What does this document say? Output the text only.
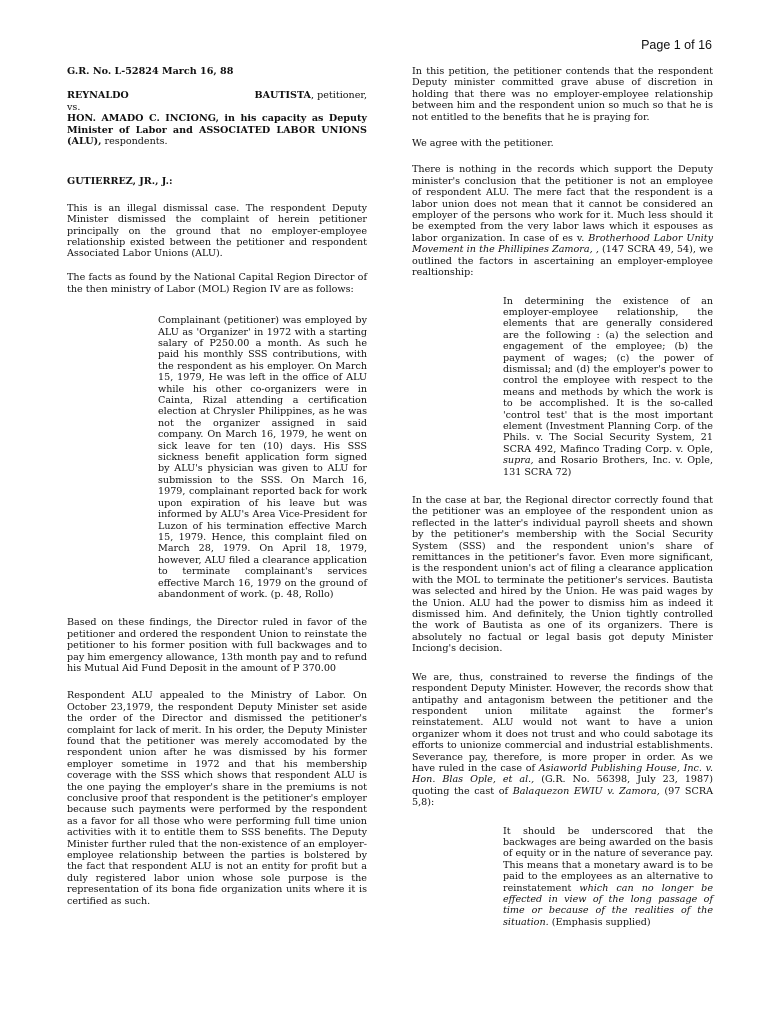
Page 1 of 16

G.R. No. L-52824 March 16, 88

REYNALDO	BAUTISTA, petitioner,
vs.
HON. AMADO C. INCIONG, in his capacity as Deputy Minister of Labor and ASSOCIATED LABOR UNIONS (ALU), respondents.

GUTIERREZ, JR., J.:

This is an illegal dismissal case. The respondent Deputy Minister dismissed the complaint of herein petitioner principally on the ground that no employer-employee relationship existed between the petitioner and respondent Associated Labor Unions (ALU).

The facts as found by the National Capital Region Director of the then ministry of Labor (MOL) Region IV are as follows:

Complainant (petitioner) was employed by ALU as 'Organizer' in 1972 with a starting salary of P250.00 a month. As such he paid his monthly SSS contributions, with the respondent as his employer. On March 15, 1979, He was left in the office of ALU while his other co-organizers were in Cainta, Rizal attending a certification election at Chrysler Philippines, as he was not the organizer assigned in said company. On March 16, 1979, he went on sick leave for ten (10) days. His SSS sickness benefit application form signed by ALU's physician was given to ALU for submission to the SSS. On March 16, 1979, complainant reported back for work upon expiration of his leave but was informed by ALU's Area Vice-President for Luzon of his termination effective March 15, 1979. Hence, this complaint filed on March 28, 1979. On April 18, 1979, however, ALU filed a clearance application to terminate complainant's services effective March 16, 1979 on the ground of abandonment of work. (p. 48, Rollo)

Based on these findings, the Director ruled in favor of the petitioner and ordered the respondent Union to reinstate the petitioner to his former position with full backwages and to pay him emergency allowance, 13th month pay and to refund his Mutual Aid Fund Deposit in the amount of P 370.00

Respondent ALU appealed to the Ministry of Labor. On October 23,1979, the respondent Deputy Minister set aside the order of the Director and dismissed the petitioner's complaint for lack of merit. In his order, the Deputy Minister found that the petitioner was merely accomodated by the respondent union after he was dismissed by his former employer sometime in 1972 and that his membership coverage with the SSS which shows that respondent ALU is the one paying the employer's share in the premiums is not conclusive proof that respondent is the petitioner's employer because such payments were performed by the respondent as a favor for all those who were performing full time union activities with it to entitle them to SSS benefits. The Deputy Minister further ruled that the non-existence of an employer-employee relationship between the parties is bolstered by the fact that respondent ALU is not an entity for profit but a duly registered labor union whose sole purpose is the representation of its bona fide organization units where it is certified as such.

In this petition, the petitioner contends that the respondent Deputy minister committed grave abuse of discretion in holding that there was no employer-employee relationship between him and the respondent union so much so that he is not entitled to the benefits that he is praying for.

We agree with the petitioner.

There is nothing in the records which support the Deputy minister's conclusion that the petitioner is not an employee of respondent ALU. The mere fact that the respondent is a labor union does not mean that it cannot be considered an employer of the persons who work for it. Much less should it be exempted from the very labor laws which it espouses as labor organization. In case of es v. Brotherhood Labor Unity Movement in the Phillipines Zamora, , (147 SCRA 49, 54), we outlined the factors in ascertaining an employer-employee realtionship:

In determining the existence of an employer-employee relationship, the elements that are generally considered are the following : (a) the selection and engagement of the employee; (b) the payment of wages; (c) the power of dismissal; and (d) the employer's power to control the employee with respect to the means and methods by which the work is to be accomplished. It is the so-called 'control test' that is the most important element (Investment Planning Corp. of the Phils. v. The Social Security System, 21 SCRA 492, Mafinco Trading Corp. v. Ople, supra, and Rosario Brothers, Inc. v. Ople, 131 SCRA 72)

In the case at bar, the Regional director correctly found that the petitioner was an employee of the respondent union as reflected in the latter's individual payroll sheets and shown by the petitioner's membership with the Social Security System (SSS) and the respondent union's share of remittances in the petitioner's favor. Even more significant, is the respondent union's act of filing a clearance application with the MOL to terminate the petitioner's services. Bautista was selected and hired by the Union. He was paid wages by the Union. ALU had the power to dismiss him as indeed it dismissed him. And definitely, the Union tightly controlled the work of Bautista as one of its organizers. There is absolutely no factual or legal basis got deputy Minister Inciong's decision.

We are, thus, constrained to reverse the findings of the respondent Deputy Minister. However, the records show that antipathy and antagonism between the petitioner and the respondent union militate against the former's reinstatement. ALU would not want to have a union organizer whom it does not trust and who could sabotage its efforts to unionize commercial and industrial establishments. Severance pay, therefore, is more proper in order. As we have ruled in the case of Asiaworld Publishing House, Inc. v. Hon. Blas Ople, et al., (G.R. No. 56398, July 23, 1987) quoting the cast of Balaquezon EWIU v. Zamora, (97 SCRA 5,8):

It should be underscored that the backwages are being awarded on the basis of equity or in the nature of severance pay. This means that a monetary award is to be paid to the employees as an alternative to reinstatement which can no longer be effected in view of the long passage of time or because of the realities of the situation. (Emphasis supplied)
